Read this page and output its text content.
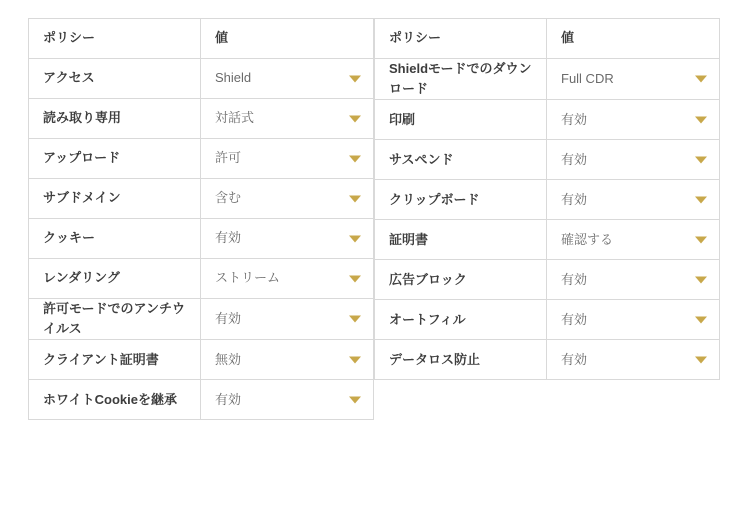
ポリシー	値
アクセス	Shield

読み取り専用	対話式

アップロード	許可

サブドメイン	含む

クッキー	有効

レンダリング	ストリーム

許可モードでのアンチウイルス	有効

クライアント証明書	無効

ホワイトCookieを継承	有効
ポリシー	値
Shieldモードでのダウンロード	Full CDR

印刷	有効

サスペンド	有効

クリップボード	有効

証明書	確認する

広告ブロック	有効

オートフィル	有効

データロス防止	有効
